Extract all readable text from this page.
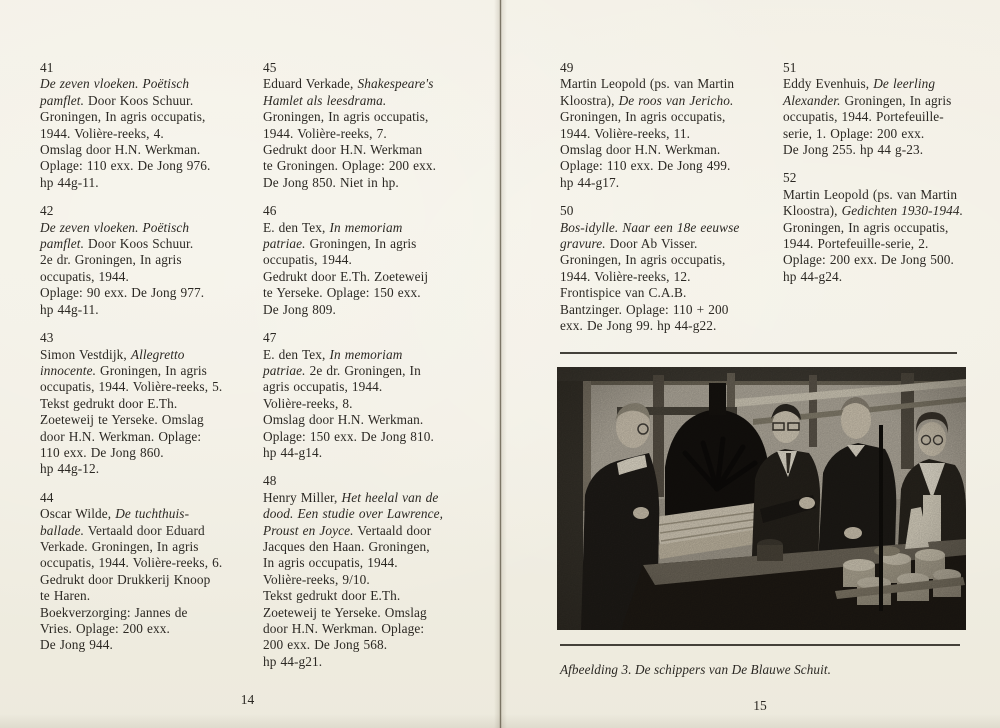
41
De zeven vloeken. Poëtisch
pamflet. Door Koos Schuur.
Groningen, In agris occupatis,
1944. Volière-reeks, 4.
Omslag door H.N. Werkman.
Oplage: 110 exx. De Jong 976.
hp 44g-11.
42
De zeven vloeken. Poëtisch
pamflet. Door Koos Schuur.
2e dr. Groningen, In agris
occupatis, 1944.
Oplage: 90 exx. De Jong 977.
hp 44g-11.
43
Simon Vestdijk, Allegretto
innocente. Groningen, In agris
occupatis, 1944. Volière-reeks, 5.
Tekst gedrukt door E.Th.
Zoeteweij te Yerseke. Omslag
door H.N. Werkman. Oplage:
110 exx. De Jong 860.
hp 44g-12.
44
Oscar Wilde, De tuchthuis-
ballade. Vertaald door Eduard
Verkade. Groningen, In agris
occupatis, 1944. Volière-reeks, 6.
Gedrukt door Drukkerij Knoop
te Haren.
Boekverzorging: Jannes de
Vries. Oplage: 200 exx.
De Jong 944.
45
Eduard Verkade, Shakespeare's
Hamlet als leesdrama.
Groningen, In agris occupatis,
1944. Volière-reeks, 7.
Gedrukt door H.N. Werkman
te Groningen. Oplage: 200 exx.
De Jong 850. Niet in hp.
46
E. den Tex, In memoriam
patriae. Groningen, In agris
occupatis, 1944.
Gedrukt door E.Th. Zoeteweij
te Yerseke. Oplage: 150 exx.
De Jong 809.
47
E. den Tex, In memoriam
patriae. 2e dr. Groningen, In
agris occupatis, 1944.
Volière-reeks, 8.
Omslag door H.N. Werkman.
Oplage: 150 exx. De Jong 810.
hp 44-g14.
48
Henry Miller, Het heelal van de
dood. Een studie over Lawrence,
Proust en Joyce. Vertaald door
Jacques den Haan. Groningen,
In agris occupatis, 1944.
Volière-reeks, 9/10.
Tekst gedrukt door E.Th.
Zoeteweij te Yerseke. Omslag
door H.N. Werkman. Oplage:
200 exx. De Jong 568.
hp 44-g21.
14
49
Martin Leopold (ps. van Martin
Kloostra), De roos van Jericho.
Groningen, In agris occupatis,
1944. Volière-reeks, 11.
Omslag door H.N. Werkman.
Oplage: 110 exx. De Jong 499.
hp 44-g17.
50
Bos-idylle. Naar een 18e eeuwse
gravure. Door Ab Visser.
Groningen, In agris occupatis,
1944. Volière-reeks, 12.
Frontispice van C.A.B.
Bantzinger. Oplage: 110 + 200
exx. De Jong 99. hp 44-g22.
51
Eddy Evenhuis, De leerling
Alexander. Groningen, In agris
occupatis, 1944. Portefeuille-
serie, 1. Oplage: 200 exx.
De Jong 255. hp 44 g-23.
52
Martin Leopold (ps. van Martin
Kloostra), Gedichten 1930-1944.
Groningen, In agris occupatis,
1944. Portefeuille-serie, 2.
Oplage: 200 exx. De Jong 500.
hp 44-g24.
Afbeelding 3. De schippers van De Blauwe Schuit.
15
